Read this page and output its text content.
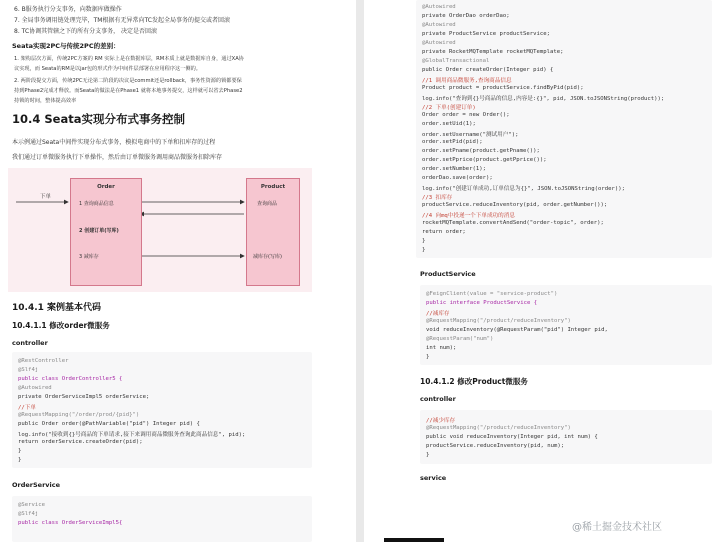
6. B服务执行分支事务，向数据库做操作
7. 全局事务调用链处理完毕，TM根据有无异常向TC发起全局事务的提交或者回滚
8. TC协调其管辖之下的所有分支事务， 决定是否回滚
Seata实现2PC与传统2PC的差别：
1. 架构层次方面，传统2PC方案的 RM 实际上是在数据库层，RM本质上就是数据库自身，通过XA协
议实现，而 Seata的RM是以jar包的形式作为中间件层部署在应用程序这一侧的。
2. 两阶段提交方面，传统2PC无论第二阶段的决议是commit还是rollback，事务性资源的锁都要保
持到Phase2完成才释放。而Seata的做法是在Phase1 就将本地事务提交，这样就可以省去Phase2
持锁的时间，整体提高效率
10.4 Seata实现分布式事务控制
本示例通过Seata中间件实现分布式事务，模拟电商中的下单和扣库存的过程
我们通过订单微服务执行下单操作，然后由订单微服务调用商品微服务扣除库存
下单
Order
1 查询商品信息
2 创建订单(写库)
3 减库存
Product
查询商品
减库存(写库)
10.4.1 案例基本代码
10.4.1.1 修改order微服务
controller
@RestController
@Slf4j
public class OrderController5 {
@Autowired
private OrderServiceImpl5 orderService;
//下单
@RequestMapping("/order/prod/{pid}")
public Order order(@PathVariable("pid") Integer pid) {
log.info("接收到{}号商品的下单请求,接下来调用商品微服务查询此商品信息", pid);
return orderService.createOrder(pid);
}
}
OrderService
@Service
@Slf4j
public class OrderServiceImpl5{
@Autowired
private OrderDao orderDao;
@Autowired
private ProductService productService;
@Autowired
private RocketMQTemplate rocketMQTemplate;
@GlobalTransactional
public Order createOrder(Integer pid) {
//1 调用商品微服务,查询商品信息
Product product = productService.findByPid(pid);
log.info("查询到{}号商品的信息,内容是:{}", pid, JSON.toJSONString(product));
//2 下单(创建订单)
Order order = new Order();
order.setUid(1);
order.setUsername("测试用户");
order.setPid(pid);
order.setPname(product.getPname());
order.setPprice(product.getPprice());
order.setNumber(1);
orderDao.save(order);
log.info("创建订单成功,订单信息为{}", JSON.toJSONString(order));
//3 扣库存
productService.reduceInventory(pid, order.getNumber());
//4 向mq中投递一个下单成功的消息
rocketMQTemplate.convertAndSend("order-topic", order);
return order;
}
}
ProductService
@FeignClient(value = "service-product")
public interface ProductService {
//减库存
@RequestMapping("/product/reduceInventory")
void reduceInventory(@RequestParam("pid") Integer pid,
@RequestParam("num")
int num);
}
10.4.1.2 修改Product微服务
controller
//减少库存
@RequestMapping("/product/reduceInventory")
public void reduceInventory(Integer pid, int num) {
productService.reduceInventory(pid, num);
}
service
@稀土掘金技术社区
